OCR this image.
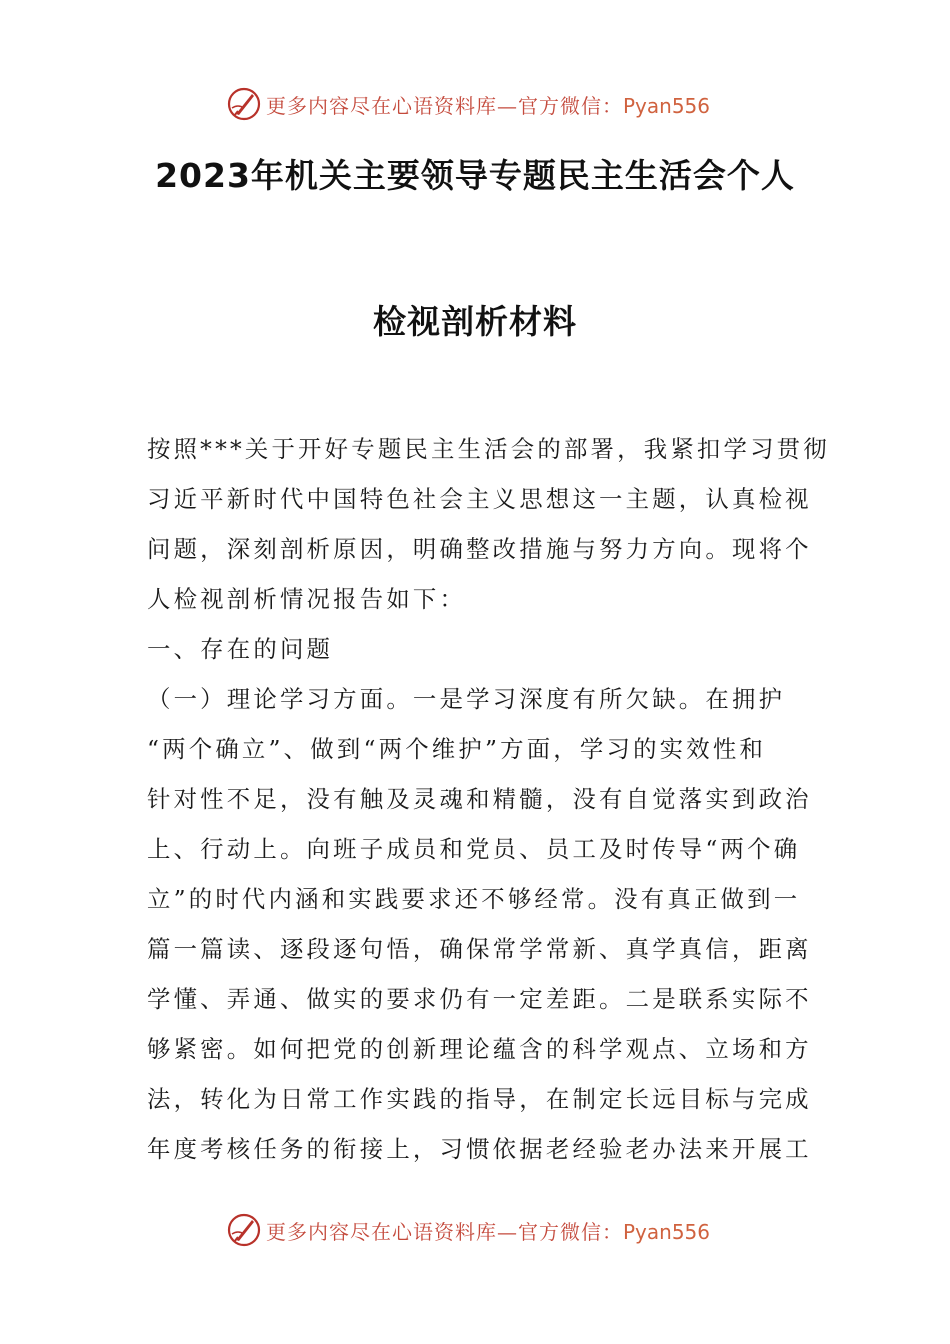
更多内容尽在心语资料库—官方微信：Pyan556
2023年机关主要领导专题民主生活会个人
检视剖析材料
按照***关于开好专题民主生活会的部署，我紧扣学习贯彻
习近平新时代中国特色社会主义思想这一主题，认真检视
问题，深刻剖析原因，明确整改措施与努力方向。现将个
人检视剖析情况报告如下：
一、存在的问题
（一）理论学习方面。一是学习深度有所欠缺。在拥护
“两个确立”、做到“两个维护”方面，学习的实效性和
针对性不足，没有触及灵魂和精髓，没有自觉落实到政治
上、行动上。向班子成员和党员、员工及时传导“两个确
立”的时代内涵和实践要求还不够经常。没有真正做到一
篇一篇读、逐段逐句悟，确保常学常新、真学真信，距离
学懂、弄通、做实的要求仍有一定差距。二是联系实际不
够紧密。如何把党的创新理论蕴含的科学观点、立场和方
法，转化为日常工作实践的指导，在制定长远目标与完成
年度考核任务的衔接上，习惯依据老经验老办法来开展工
更多内容尽在心语资料库—官方微信：Pyan556
